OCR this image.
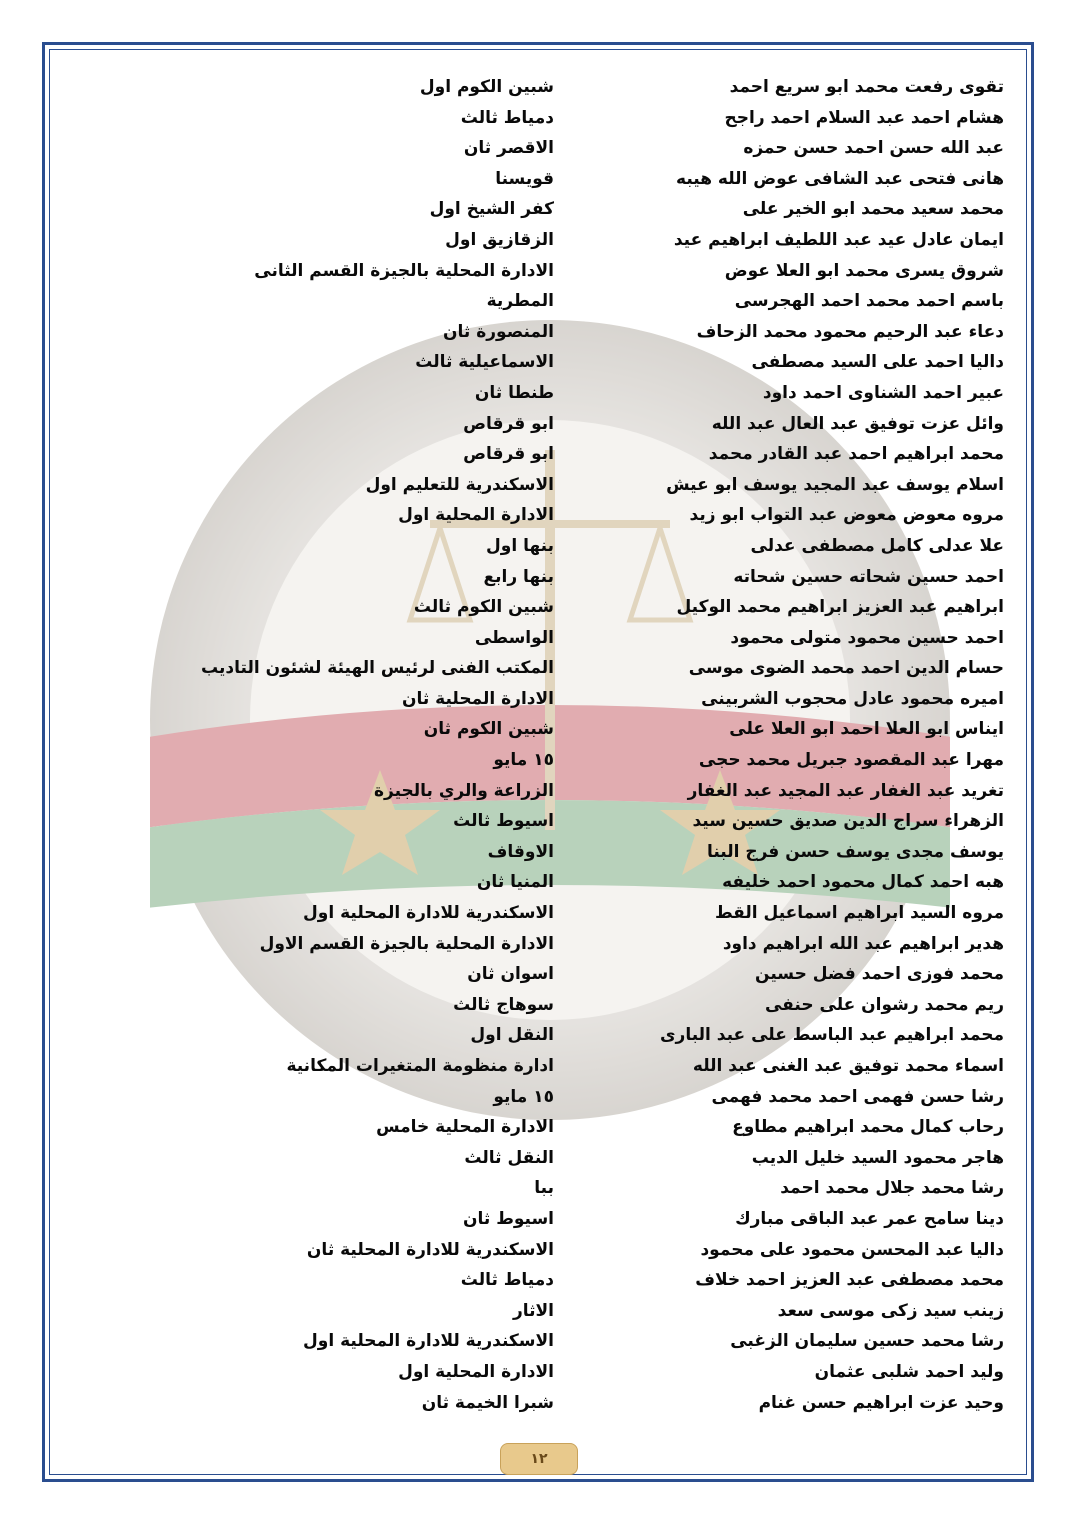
تقوى رفعت محمد ابو سريع احمد
شبين الكوم اول
هشام احمد عبد السلام احمد راجح
دمياط ثالث
عبد الله حسن احمد حسن حمزه
الاقصر ثان
هانى فتحى عبد الشافى عوض الله هيبه
قويسنا
محمد سعيد محمد ابو الخير على
كفر الشيخ اول
ايمان عادل عيد عبد اللطيف ابراهيم عيد
الزقازيق اول
شروق يسرى محمد ابو العلا عوض
الادارة المحلية بالجيزة القسم الثانى
باسم احمد محمد احمد الهجرسى
المطرية
دعاء عبد الرحيم محمود محمد الزحاف
المنصورة ثان
داليا احمد على السيد مصطفى
الاسماعيلية ثالث
عبير احمد الشناوى احمد داود
طنطا ثان
وائل عزت توفيق عبد العال عبد الله
ابو قرقاص
محمد ابراهيم احمد عبد القادر محمد
ابو قرقاص
اسلام يوسف عبد المجيد يوسف ابو عيش
الاسكندرية للتعليم اول
مروه معوض معوض عبد التواب ابو زيد
الادارة المحلية اول
علا عدلى كامل مصطفى عدلى
بنها اول
احمد حسين شحاته حسين شحاته
بنها رابع
ابراهيم عبد العزيز ابراهيم محمد الوكيل
شبين الكوم ثالث
احمد حسين محمود متولى محمود
الواسطى
حسام الدين احمد محمد الضوى موسى
المكتب الفنى لرئيس الهيئة لشئون التاديب
اميره محمود عادل محجوب الشربينى
الادارة المحلية ثان
ايناس ابو العلا احمد ابو العلا على
شبين الكوم ثان
مهرا عبد المقصود جبريل محمد حجى
١٥ مايو
تغريد عبد الغفار عبد المجيد عبد الغفار
الزراعة والري بالجيزة
الزهراء سراج الدين صديق حسين سيد
اسيوط ثالث
يوسف مجدى يوسف حسن فرج البنا
الاوقاف
هبه احمد كمال محمود احمد خليفه
المنيا ثان
مروه السيد ابراهيم اسماعيل القط
الاسكندرية للادارة المحلية اول
هدير ابراهيم عبد الله ابراهيم داود
الادارة المحلية بالجيزة القسم الاول
محمد فوزى احمد فضل حسين
اسوان ثان
ريم محمد رشوان على حنفى
سوهاج ثالث
محمد ابراهيم عبد الباسط على عبد البارى
النقل اول
اسماء محمد توفيق عبد الغنى عبد الله
ادارة منظومة المتغيرات المكانية
رشا حسن فهمى احمد محمد فهمى
١٥ مايو
رحاب كمال محمد ابراهيم مطاوع
الادارة المحلية خامس
هاجر محمود السيد خليل الديب
النقل ثالث
رشا محمد جلال محمد احمد
ببا
دينا سامح عمر عبد الباقى مبارك
اسيوط ثان
داليا عبد المحسن محمود على محمود
الاسكندرية للادارة المحلية ثان
محمد مصطفى عبد العزيز احمد خلاف
دمياط ثالث
زينب سيد زكى موسى سعد
الاثار
رشا محمد حسين سليمان الزغبى
الاسكندرية للادارة المحلية اول
وليد احمد شلبى عثمان
الادارة المحلية اول
وحيد عزت ابراهيم حسن غنام
شبرا الخيمة ثان
١٢
